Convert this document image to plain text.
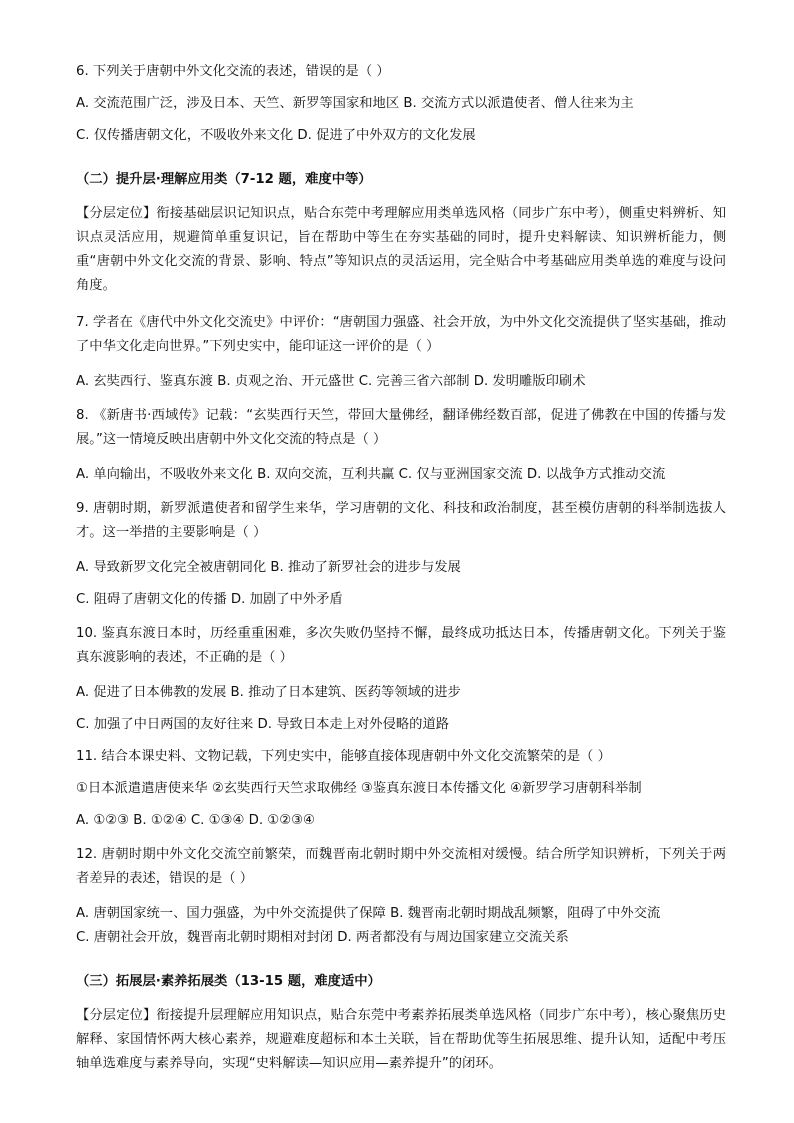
6. 下列关于唐朝中外文化交流的表述，错误的是（ ）

A. 交流范围广泛，涉及日本、天竺、新罗等国家和地区 B. 交流方式以派遣使者、僧人往来为主

C. 仅传播唐朝文化，不吸收外来文化 D. 促进了中外双方的文化发展

（二）提升层·理解应用类（7-12 题，难度中等）

【分层定位】衔接基础层识记知识点，贴合东莞中考理解应用类单选风格（同步广东中考），侧重史料辨析、知识点灵活应用，规避简单重复识记，旨在帮助中等生在夯实基础的同时，提升史料解读、知识辨析能力，侧重“唐朝中外文化交流的背景、影响、特点”等知识点的灵活运用，完全贴合中考基础应用类单选的难度与设问角度。

7. 学者在《唐代中外文化交流史》中评价：“唐朝国力强盛、社会开放，为中外文化交流提供了坚实基础，推动了中华文化走向世界。”下列史实中，能印证这一评价的是（ ）

A. 玄奘西行、鉴真东渡 B. 贞观之治、开元盛世 C. 完善三省六部制 D. 发明雕版印刷术

8. 《新唐书·西域传》记载：“玄奘西行天竺，带回大量佛经，翻译佛经数百部，促进了佛教在中国的传播与发展。”这一情境反映出唐朝中外文化交流的特点是（ ）

A. 单向输出，不吸收外来文化 B. 双向交流，互利共赢 C. 仅与亚洲国家交流 D. 以战争方式推动交流

9. 唐朝时期，新罗派遣使者和留学生来华，学习唐朝的文化、科技和政治制度，甚至模仿唐朝的科举制选拔人才。这一举措的主要影响是（ ）

A. 导致新罗文化完全被唐朝同化 B. 推动了新罗社会的进步与发展

C. 阻碍了唐朝文化的传播 D. 加剧了中外矛盾

10. 鉴真东渡日本时，历经重重困难，多次失败仍坚持不懈，最终成功抵达日本，传播唐朝文化。下列关于鉴真东渡影响的表述，不正确的是（ ）

A. 促进了日本佛教的发展 B. 推动了日本建筑、医药等领域的进步

C. 加强了中日两国的友好往来 D. 导致日本走上对外侵略的道路

11. 结合本课史料、文物记载，下列史实中，能够直接体现唐朝中外文化交流繁荣的是（ ）

①日本派遣遣唐使来华 ②玄奘西行天竺求取佛经 ③鉴真东渡日本传播文化 ④新罗学习唐朝科举制

A. ①②③ B. ①②④ C. ①③④ D. ①②③④

12. 唐朝时期中外文化交流空前繁荣，而魏晋南北朝时期中外交流相对缓慢。结合所学知识辨析，下列关于两者差异的表述，错误的是（ ）

A. 唐朝国家统一、国力强盛，为中外交流提供了保障 B. 魏晋南北朝时期战乱频繁，阻碍了中外交流

C. 唐朝社会开放，魏晋南北朝时期相对封闭 D. 两者都没有与周边国家建立交流关系

（三）拓展层·素养拓展类（13-15 题，难度适中）

【分层定位】衔接提升层理解应用知识点，贴合东莞中考素养拓展类单选风格（同步广东中考），核心聚焦历史解释、家国情怀两大核心素养，规避难度超标和本土关联，旨在帮助优等生拓展思维、提升认知，适配中考压轴单选难度与素养导向，实现“史料解读—知识应用—素养提升”的闭环。
